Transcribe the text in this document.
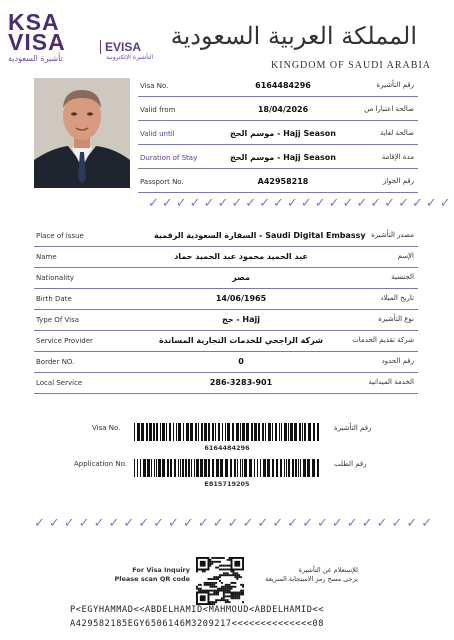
KSA
VISA
تأشيرة السعودية
EVISA
التأشيرة الإلكترونية
المملكة العربية السعودية
KINGDOM OF SAUDI ARABIA
Visa No.	6164484296	رقم التأشيرة
Valid from	18/04/2026	صالحة اعتبارا من
Valid until	موسم الحج - Hajj Season	صالحة لغاية
Duration of Stay	موسم الحج - Hajj Season	مدة الإقامة
Passport No.	A42958218	رقم الجواز
✓✓✓✓✓✓✓✓✓✓✓✓✓✓✓✓✓✓✓✓✓✓
Place of issue	السفارة السعودية الرقمية - Saudi Digital Embassy مصدر التأشيرة
Name	عبد الحميد محمود عبد الحميد حماد	الإسم
Nationality	مصر	الجنسية
Birth Date	14/06/1965	تاريخ الميلاد
Type Of Visa	حج - Hajj	نوع التأشيرة
Service Provider	شركة الراجحي للخدمات التجارية المساندة	شركة تقديم الخدمات
Border NO.	0	رقم الحدود
Local Service	286-3283-901	الخدمة الميدانية
Visa No.	رقم التأشيرة
6164484296
Application No.	رقم الطلب
E815719205
✓✓✓✓✓✓✓✓✓✓✓✓✓✓✓✓✓✓✓✓✓✓✓✓✓✓✓
For Visa Inquiry
Please scan QR code
للإستعلام عن التأشيرة
يرجى مسح رمز الاستجابة السريعة
P<EGYHAMMAD<<ABDELHAMID<MAHMOUD<ABDELHAMID<<
A429582185EGY6506146M3209217<<<<<<<<<<<<<<08
